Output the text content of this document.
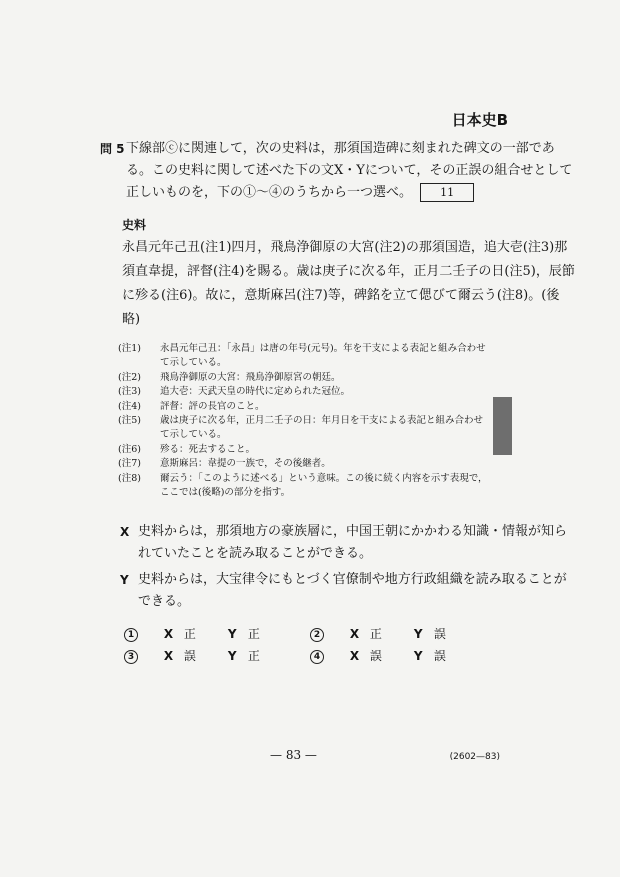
日本史B
問 5 下線部ⓒに関連して，次の史料は，那須国造碑に刻まれた碑文の一部であ
る。この史料に関して述べた下の文X・Yについて，その正誤の組合せとして
正しいものを，下の①～④のうちから一つ選べ。	11
史料
永昌元年己丑(注1)四月，飛鳥浄御原の大宮(注2)の那須国造，追大壱(注3)那
須直韋提，評督(注4)を賜る。歳は庚子に次る年，正月二壬子の日(注5)，辰節
に殄る(注6)。故に，意斯麻呂(注7)等，碑銘を立て偲びて爾云う(注8)。(後
略)
(注1)	永昌元年己丑：「永昌」は唐の年号(元号)。年を干支による表記と組み合わせ
て示している。
(注2)	飛鳥浄御原の大宮：飛鳥浄御原宮の朝廷。
(注3)	追大壱：天武天皇の時代に定められた冠位。
(注4)	評督：評の長官のこと。
(注5)	歳は庚子に次る年，正月二壬子の日：年月日を干支による表記と組み合わせ
て示している。
(注6)	殄る：死去すること。
(注7)	意斯麻呂：韋提の一族で，その後継者。
(注8)	爾云う：「このように述べる」という意味。この後に続く内容を示す表現で，
ここでは(後略)の部分を指す。
X 史料からは，那須地方の豪族層に，中国王朝にかかわる知識・情報が知ら
れていたことを読み取ることができる。
Y 史料からは，大宝律令にもとづく官僚制や地方行政組織を読み取ることが
できる。
1 X 正	Y 正	2 X 正	Y 誤
3 X 誤	Y 正	4 X 誤	Y 誤
— 83 —	(2602—83)
